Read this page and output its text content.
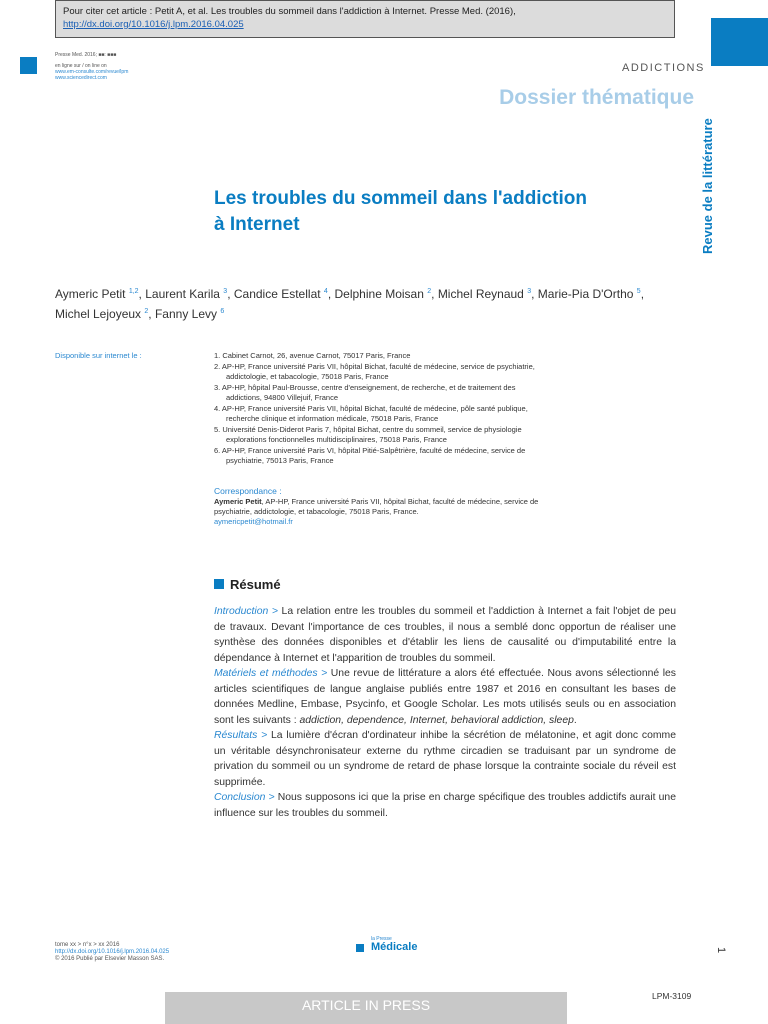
Pour citer cet article : Petit A, et al. Les troubles du sommeil dans l'addiction à Internet. Presse Med. (2016), http://dx.doi.org/10.1016/j.lpm.2016.04.025
Presse Med. 2016; ■■: ■■■
en ligne sur / on line on
www.em-consulte.com/revue/lpm
www.sciencedirect.com
ADDICTIONS
Dossier thématique
Revue de la littérature
Les troubles du sommeil dans l'addiction
à Internet
Aymeric Petit $^{1,2}$, Laurent Karila $^3$, Candice Estellat $^4$, Delphine Moisan $^2$, Michel Reynaud $^3$, Marie-Pia D'Ortho $^5$, Michel Lejoyeux $^2$, Fanny Levy $^6$
Disponible sur internet le :	1. Cabinet Carnot, 26, avenue Carnot, 75017 Paris, France
2. AP-HP, France université Paris VII, hôpital Bichat, faculté de médecine, service de psychiatrie, addictologie, et tabacologie, 75018 Paris, France
3. AP-HP, hôpital Paul-Brousse, centre d'enseignement, de recherche, et de traitement des addictions, 94800 Villejuif, France
4. AP-HP, France université Paris VII, hôpital Bichat, faculté de médecine, pôle santé publique, recherche clinique et information médicale, 75018 Paris, France
5. Université Denis-Diderot Paris 7, hôpital Bichat, centre du sommeil, service de physiologie explorations fonctionnelles multidisciplinaires, 75018 Paris, France
6. AP-HP, France université Paris VI, hôpital Pitié-Salpêtrière, faculté de médecine, service de psychiatrie, 75013 Paris, France
Correspondance :
Aymeric Petit, AP-HP, France université Paris VII, hôpital Bichat, faculté de médecine, service de psychiatrie, addictologie, et tabacologie, 75018 Paris, France.
aymericpetit@hotmail.fr
Résumé

Introduction > La relation entre les troubles du sommeil et l'addiction à Internet a fait l'objet de peu de travaux. Devant l'importance de ces troubles, il nous a semblé donc opportun de réaliser une synthèse des données disponibles et d'établir les liens de causalité ou d'imputabilité entre la dépendance à Internet et l'apparition de troubles du sommeil.

Matériels et méthodes > Une revue de littérature a alors été effectuée. Nous avons sélectionné les articles scientifiques de langue anglaise publiés entre 1987 et 2016 en consultant les bases de données Medline, Embase, Psycinfo, et Google Scholar. Les mots utilisés seuls ou en association sont les suivants : addiction, dependence, Internet, behavioral addiction, sleep.

Résultats > La lumière d'écran d'ordinateur inhibe la sécrétion de mélatonine, et agit donc comme un véritable désynchronisateur externe du rythme circadien se traduisant par un syndrome de privation du sommeil ou un syndrome de retard de phase lorsque la contrainte sociale du réveil est supprimée.

Conclusion > Nous supposons ici que la prise en charge spécifique des troubles addictifs aurait une influence sur les troubles du sommeil.

tome xx > n°x > xx 2016
http://dx.doi.org/10.1016/j.lpm.2016.04.025
© 2016 Publié par Elsevier Masson SAS.
la Presse
Médicale	1
ARTICLE IN PRESS
LPM-3109
